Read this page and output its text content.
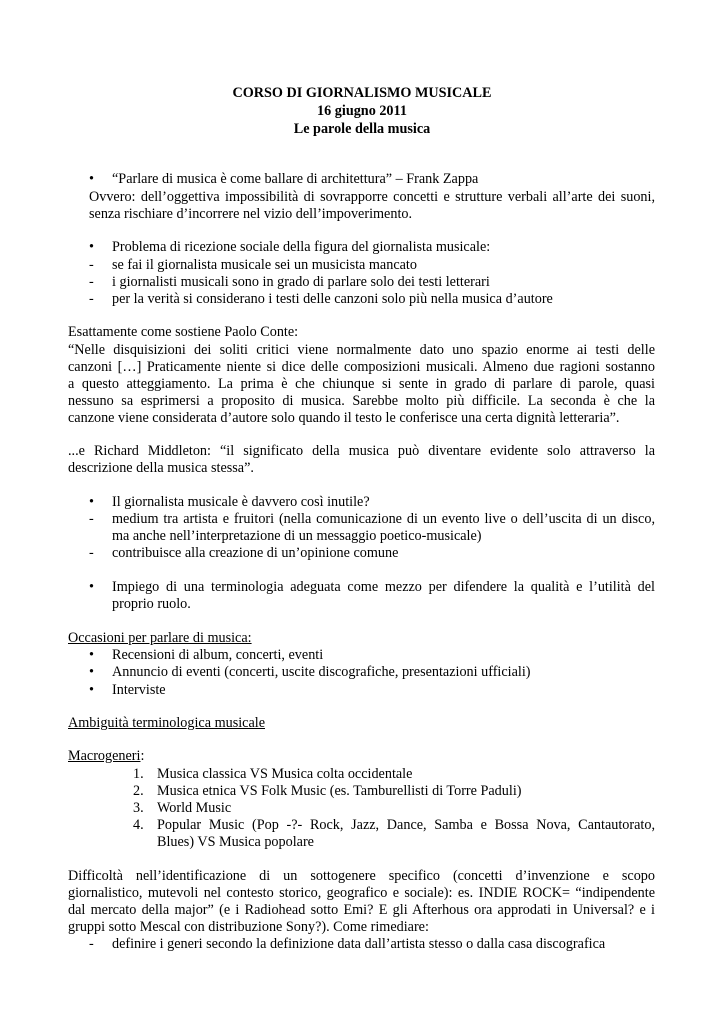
CORSO DI GIORNALISMO MUSICALE
16 giugno 2011
Le parole della musica
• “Parlare di musica è come ballare di architettura” – Frank Zappa
Ovvero: dell’oggettiva impossibilità di sovrapporre concetti e strutture verbali all’arte dei suoni,
senza rischiare d’incorrere nel vizio dell’impoverimento.
• Problema di ricezione sociale della figura del giornalista musicale:
- se fai il giornalista musicale sei un musicista mancato
- i giornalisti musicali sono in grado di parlare solo dei testi letterari
- per la verità si considerano i testi delle canzoni solo più nella musica d’autore
Esattamente come sostiene Paolo Conte:
“Nelle disquisizioni dei soliti critici viene normalmente dato uno spazio enorme ai testi delle
canzoni […] Praticamente niente si dice delle composizioni musicali. Almeno due ragioni sostanno
a questo atteggiamento. La prima è che chiunque si sente in grado di parlare di parole, quasi
nessuno sa esprimersi a proposito di musica. Sarebbe molto più difficile. La seconda è che la
canzone viene considerata d’autore solo quando il testo le conferisce una certa dignità letteraria”.
...e Richard Middleton: “il significato della musica può diventare evidente solo attraverso la
descrizione della musica stessa”.
• Il giornalista musicale è davvero così inutile?
- medium tra artista e fruitori (nella comunicazione di un evento live o dell’uscita di un disco,
ma anche nell’interpretazione di un messaggio poetico-musicale)
- contribuisce alla creazione di un’opinione comune
• Impiego di una terminologia adeguata come mezzo per difendere la qualità e l’utilità del
proprio ruolo.
Occasioni per parlare di musica:
• Recensioni di album, concerti, eventi
• Annuncio di eventi (concerti, uscite discografiche, presentazioni ufficiali)
• Interviste
Ambiguità terminologica musicale
Macrogeneri:
1. Musica classica VS Musica colta occidentale
2. Musica etnica VS Folk Music (es. Tamburellisti di Torre Paduli)
3. World Music
4. Popular Music (Pop -?- Rock, Jazz, Dance, Samba e Bossa Nova, Cantautorato,
Blues) VS Musica popolare
Difficoltà nell’identificazione di un sottogenere specifico (concetti d’invenzione e scopo
giornalistico, mutevoli nel contesto storico, geografico e sociale): es. INDIE ROCK= “indipendente
dal mercato della major” (e i Radiohead sotto Emi? E gli Afterhous ora approdati in Universal? e i
gruppi sotto Mescal con distribuzione Sony?). Come rimediare:
- definire i generi secondo la definizione data dall’artista stesso o dalla casa discografica
